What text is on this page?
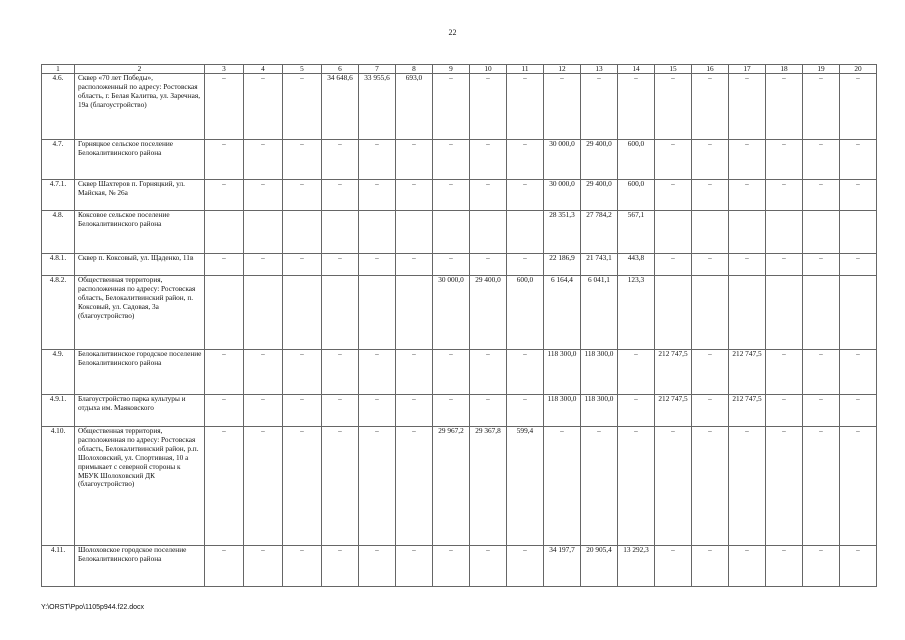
22
1	2	3	4	5	6	7	8	9	10	11	12	13	14	15	16	17	18	19	20
4.6.	Сквер «70 лет Победы», расположенный по адресу: Ростовская область, г. Белая Калитва, ул. Заречная, 19а (благоустройство)	–	–	–	34 648,6	33 955,6	693,0	–	–	–	–	–	–	–	–	–	–	–	–
4.7.	Горняцкое сельское поселение Белокалитвинского района	–	–	–	–	–	–	–	–	–	30 000,0	29 400,0	600,0	–	–	–	–	–	–
4.7.1.	Сквер Шахтеров п. Горняцкий, ул. Майская, № 26а	–	–	–	–	–	–	–	–	–	30 000,0	29 400,0	600,0	–	–	–	–	–	–
4.8.	Коксовое сельское поселение Белокалитвинского района										28 351,3	27 784,2	567,1						
4.8.1.	Сквер п. Коксовый, ул. Щаденко, 11в	–	–	–	–	–	–	–	–	–	22 186,9	21 743,1	443,8	–	–	–	–	–	–
4.8.2.	Общественная территория, расположенная по адресу: Ростовская область, Белокалитвинский район, п. Коксовый, ул. Садовая, 3а (благоустройство)							30 000,0	29 400,0	600,0	6 164,4	6 041,1	123,3						
4.9.	Белокалитвинское городское поселение Белокалитвинского района	–	–	–	–	–	–	–	–	–	118 300,0	118 300,0	–	212 747,5	–	212 747,5	–	–	–
4.9.1.	Благоустройство парка культуры и отдыха им. Маяковского	–	–	–	–	–	–	–	–	–	118 300,0	118 300,0	–	212 747,5	–	212 747,5	–	–	–
4.10.	Общественная территория, расположенная по адресу: Ростовская область, Белокалитвинский район, р.п. Шолоховский, ул. Спортивная, 10 а примыкает с северной стороны к МБУК Шолоховский ДК (благоустройство)	–	–	–	–	–	–	29 967,2	29 367,8	599,4	–	–	–	–	–	–	–	–	–
4.11.	Шолоховское городское поселение Белокалитвинского района	–	–	–	–	–	–	–	–	–	34 197,7	20 905,4	13 292,3	–	–	–	–	–	–
Y:\ORST\Ppo\1105p944.f22.docx
